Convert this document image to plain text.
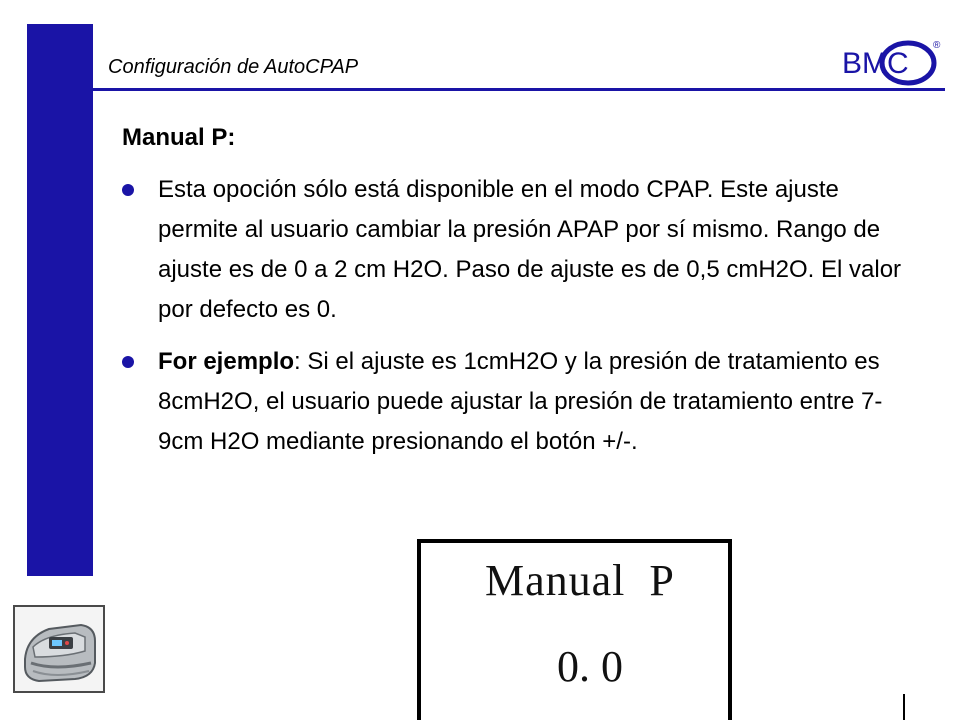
Configuración de AutoCPAP	BMC
®
Manual P:
Esta opoción sólo está disponible en el modo CPAP. Este ajuste permite al usuario cambiar la presión APAP por sí mismo. Rango de ajuste es de 0 a 2 cm H2O. Paso de ajuste es de 0,5 cmH2O. El valor por defecto es 0.
For ejemplo: Si el ajuste es 1cmH2O y la presión de tratamiento es 8cmH2O, el usuario puede ajustar la presión de tratamiento entre 7-9cm H2O mediante presionando el botón +/-.
Manual  P
0. 0
